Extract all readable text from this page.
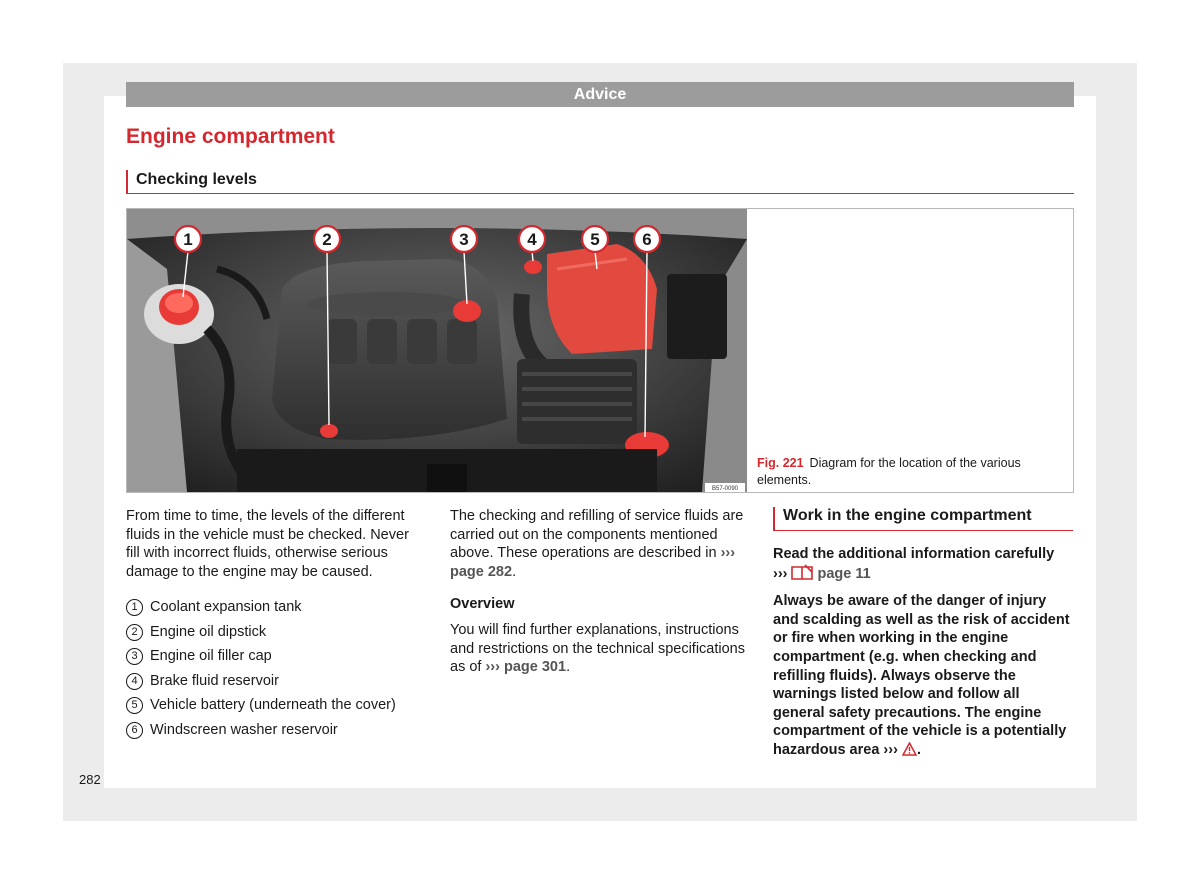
Advice
Engine compartment
Checking levels
1	2	3	4	5	6
B57-0090
Fig. 221 Diagram for the location of the various elements.

From time to time, the levels of the different fluids in the vehicle must be checked. Never fill with incorrect fluids, otherwise serious damage to the engine may be caused.

1 Coolant expansion tank
2 Engine oil dipstick
3 Engine oil filler cap
4 Brake fluid reservoir
5 Vehicle battery (underneath the cover)
6 Windscreen washer reservoir

The checking and refilling of service fluids are carried out on the components mentioned above. These operations are described in ››› page 282.

Overview

You will find further explanations, instructions and restrictions on the technical specifications as of ››› page 301.

Work in the engine compartment

Read the additional information carefully
››› page 11

Always be aware of the danger of injury and scalding as well as the risk of accident or fire when working in the engine compartment (e.g. when checking and refilling fluids). Always observe the warnings listed below and follow all general safety precautions. The engine compartment of the vehicle is a potentially hazardous area ››› .

282
